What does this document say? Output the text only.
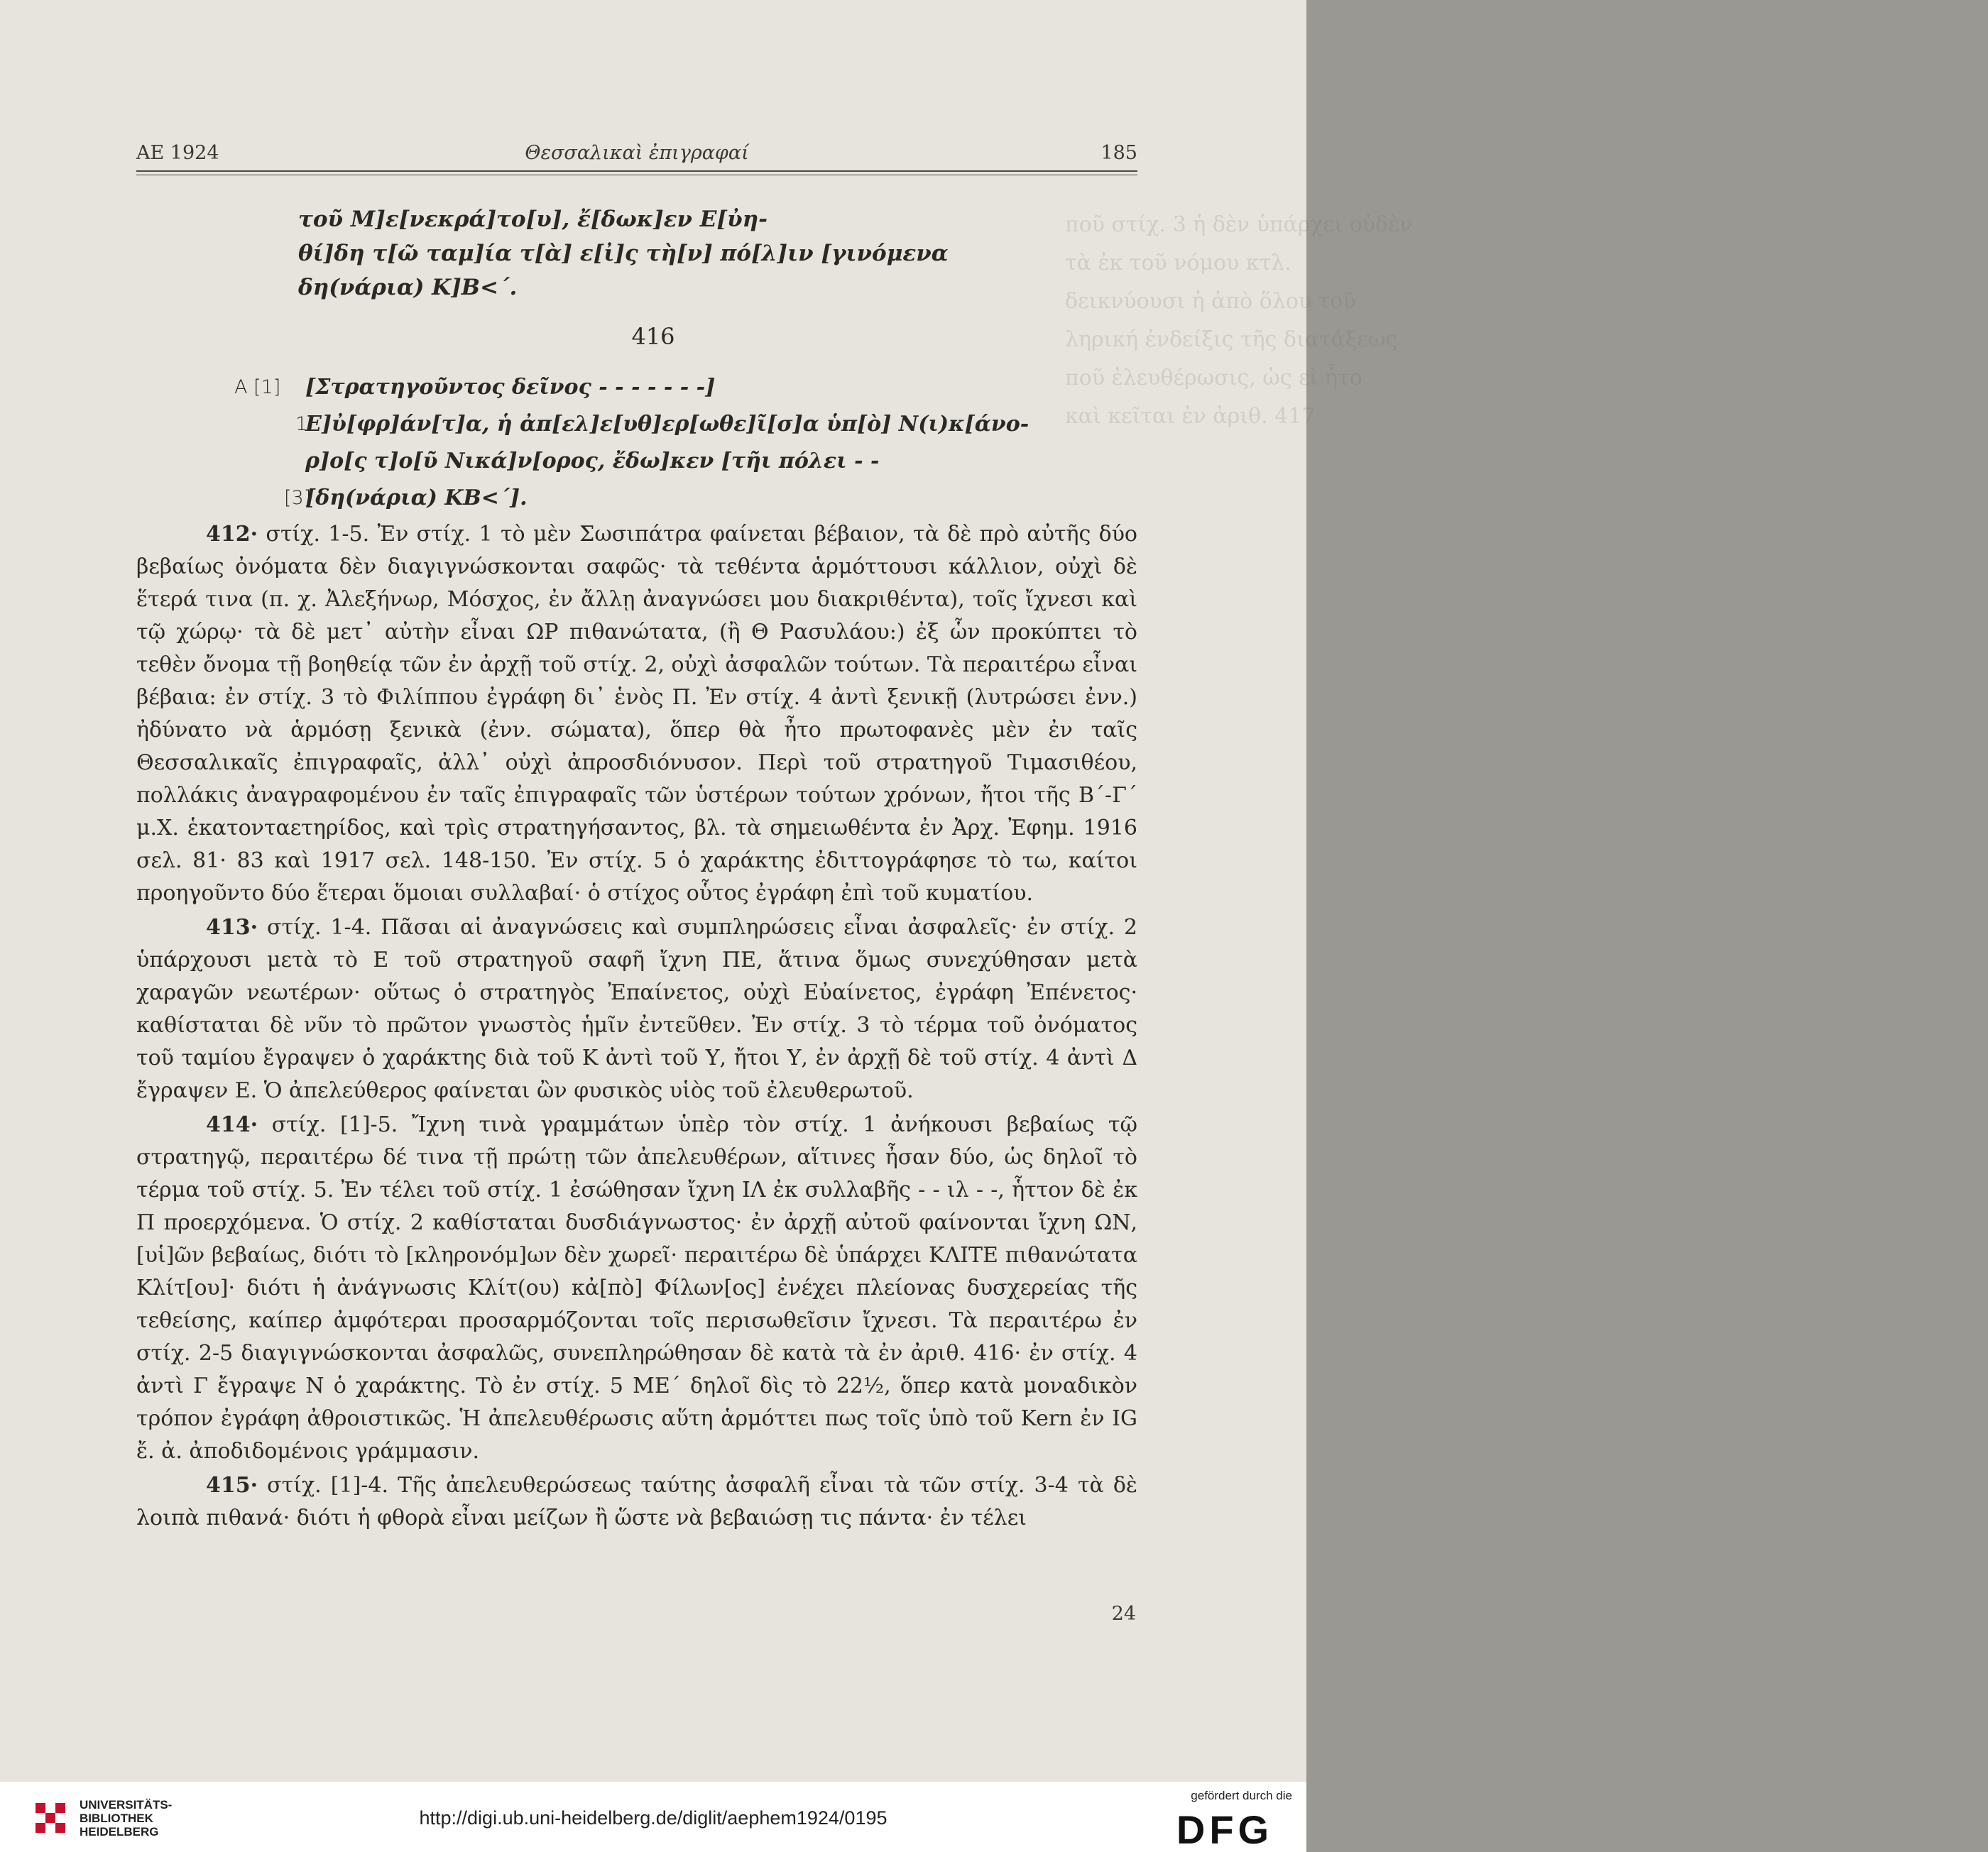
ποῦ στίχ. 3 ἡ δὲν ὑπάρχει οὐδὲν
τὰ ἐκ τοῦ νόμου κτλ.
δεικνύουσι ἡ ἀπὸ ὅλου τοῦ
ληρική ἐνδείξις τῆς διατάξεως
ποῦ ἐλευθέρωσις, ὡς εἰ ἦτο
καὶ κεῖται ἐν ἀριθ. 417
ΑΕ 1924	Θεσσαλικαὶ ἐπιγραφαί	185
τοῦ Μ]ε[νεκρά]το[υ], ἔ[δωκ]εν Ε[ὐη-
θί]δη τ[ῶ ταμ]ία τ[ὰ] ε[ἰ]ς τὴ[ν] πό[λ]ιν [γινόμενα
δη(νάρια) Κ]Β<΄.
416
A [1]	[Στρατηγοῦντος δεῖνος - - - - - - -]
1
Ε]ὐ[φρ]άν[τ]α, ἡ ἀπ[ελ]ε[υθ]ερ[ωθε]ῖ[σ]α ὑπ[ὸ] Ν(ι)κ[άνο-
ρ]ο[ς τ]ο[ῦ Νικά]ν[ορος, ἔδω]κεν [τῆι πόλει - -
[3]
[δη(νάρια) ΚΒ<΄].

412· στίχ. 1-5. Ἐν στίχ. 1 τὸ μὲν Σωσιπάτρα φαίνεται βέβαιον, τὰ δὲ πρὸ αὐτῆς δύο βεβαίως ὀνόματα δὲν διαγιγνώσκονται σαφῶς· τὰ τεθέντα ἁρμόττουσι κάλλιον, οὐχὶ δὲ ἕτερά τινα (π. χ. Ἀλεξήνωρ, Μόσχος, ἐν ἄλλῃ ἀναγνώσει μου διακριθέντα), τοῖς ἴχνεσι καὶ τῷ χώρῳ· τὰ δὲ μετ᾽ αὐτὴν εἶναι ΩΡ πιθανώτατα, (ἢ Θ Ρασυλάου:) ἐξ ὧν προκύπτει τὸ τεθὲν ὄνομα τῇ βοηθείᾳ τῶν ἐν ἀρχῇ τοῦ στίχ. 2, οὐχὶ ἀσφαλῶν τούτων. Τὰ περαιτέρω εἶναι βέβαια: ἐν στίχ. 3 τὸ Φιλίππου ἐγράφη δι᾽ ἑνὸς Π. Ἐν στίχ. 4 ἀντὶ ξενικῇ (λυτρώσει ἐνν.) ἠδύνατο νὰ ἁρμόσῃ ξενικὰ (ἐνν. σώματα), ὅπερ θὰ ἦτο πρωτοφανὲς μὲν ἐν ταῖς Θεσσαλικαῖς ἐπιγραφαῖς, ἀλλ᾽ οὐχὶ ἀπροσδιόνυσον. Περὶ τοῦ στρατηγοῦ Τιμασιθέου, πολλάκις ἀναγραφομένου ἐν ταῖς ἐπιγραφαῖς τῶν ὑστέρων τούτων χρόνων, ἤτοι τῆς Β΄-Γ΄ μ.Χ. ἑκατονταετηρίδος, καὶ τρὶς στρατηγήσαντος, βλ. τὰ σημειωθέντα ἐν Ἀρχ. Ἐφημ. 1916 σελ. 81· 83 καὶ 1917 σελ. 148-150. Ἐν στίχ. 5 ὁ χαράκτης ἐδιττογράφησε τὸ τω, καίτοι προηγοῦντο δύο ἕτεραι ὅμοιαι συλλαβαί· ὁ στίχος οὗτος ἐγράφη ἐπὶ τοῦ κυματίου.

413· στίχ. 1-4. Πᾶσαι αἱ ἀναγνώσεις καὶ συμπληρώσεις εἶναι ἀσφαλεῖς· ἐν στίχ. 2 ὑπάρχουσι μετὰ τὸ Ε τοῦ στρατηγοῦ σαφῆ ἴχνη ΠΕ, ἅτινα ὅμως συνεχύθησαν μετὰ χαραγῶν νεωτέρων· οὕτως ὁ στρατηγὸς Ἐπαίνετος, οὐχὶ Εὐαίνετος, ἐγράφη Ἐπένετος· καθίσταται δὲ νῦν τὸ πρῶτον γνωστὸς ἡμῖν ἐντεῦθεν. Ἐν στίχ. 3 τὸ τέρμα τοῦ ὀνόματος τοῦ ταμίου ἔγραψεν ὁ χαράκτης διὰ τοῦ Κ ἀντὶ τοῦ Υ, ἤτοι Υ, ἐν ἀρχῇ δὲ τοῦ στίχ. 4 ἀντὶ Δ ἔγραψεν Ε. Ὁ ἀπελεύθερος φαίνεται ὢν φυσικὸς υἱὸς τοῦ ἐλευθερωτοῦ.

414· στίχ. [1]-5. Ἴχνη τινὰ γραμμάτων ὑπὲρ τὸν στίχ. 1 ἀνήκουσι βεβαίως τῷ στρατηγῷ, περαιτέρω δέ τινα τῇ πρώτῃ τῶν ἀπελευθέρων, αἵτινες ἦσαν δύο, ὡς δηλοῖ τὸ τέρμα τοῦ στίχ. 5. Ἐν τέλει τοῦ στίχ. 1 ἐσώθησαν ἴχνη ΙΛ ἐκ συλλαβῆς - - ιλ - -, ἧττον δὲ ἐκ Π προερχόμενα. Ὁ στίχ. 2 καθίσταται δυσδιάγνωστος· ἐν ἀρχῇ αὐτοῦ φαίνονται ἴχνη ΩΝ, [υἱ]ῶν βεβαίως, διότι τὸ [κληρονόμ]ων δὲν χωρεῖ· περαιτέρω δὲ ὑπάρχει ΚΛΙΤΕ πιθανώτατα Κλίτ[ου]· διότι ἡ ἀνάγνωσις Κλίτ(ου) κἀ[πὸ] Φίλων[ος] ἐνέχει πλείονας δυσχερείας τῆς τεθείσης, καίπερ ἀμφότεραι προσαρμόζονται τοῖς περισωθεῖσιν ἴχνεσι. Τὰ περαιτέρω ἐν στίχ. 2-5 διαγιγνώσκονται ἀσφαλῶς, συνεπληρώθησαν δὲ κατὰ τὰ ἐν ἀριθ. 416· ἐν στίχ. 4 ἀντὶ Γ ἔγραψε Ν ὁ χαράκτης. Τὸ ἐν στίχ. 5 ΜΕ΄ δηλοῖ δὶς τὸ 22½, ὅπερ κατὰ μοναδικὸν τρόπον ἐγράφη ἀθροιστικῶς. Ἡ ἀπελευθέρωσις αὕτη ἁρμόττει πως τοῖς ὑπὸ τοῦ Kern ἐν IG ἔ. ἀ. ἀποδιδομένοις γράμμασιν.

415· στίχ. [1]-4. Τῆς ἀπελευθερώσεως ταύτης ἀσφαλῆ εἶναι τὰ τῶν στίχ. 3-4 τὰ δὲ λοιπὰ πιθανά· διότι ἡ φθορὰ εἶναι μείζων ἢ ὥστε νὰ βεβαιώσῃ τις πάντα· ἐν τέλει

24
UNIVERSITÄTS-
BIBLIOTHEK
HEIDELBERG
http://digi.ub.uni-heidelberg.de/diglit/aephem1924/0195
gefördert durch die
DFG
